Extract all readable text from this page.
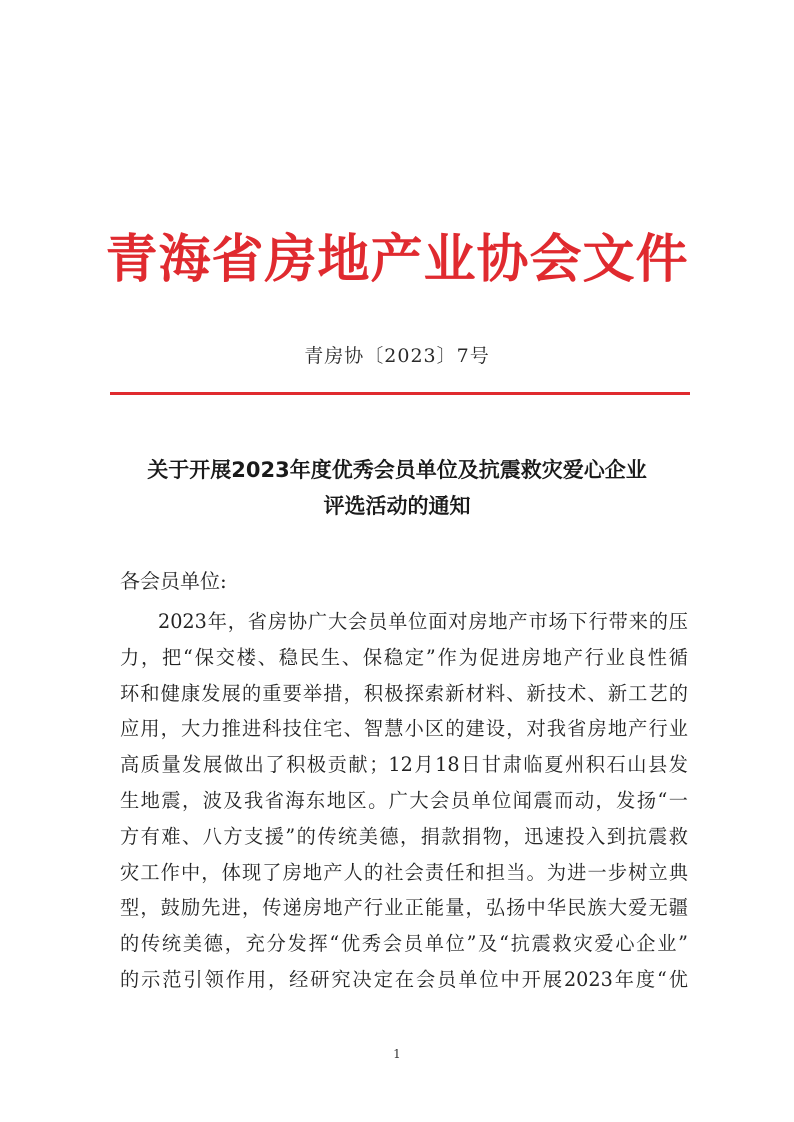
青海省房地产业协会文件
青房协〔2023〕7号
关于开展2023年度优秀会员单位及抗震救灾爱心企业
评选活动的通知
各会员单位:
2023年，省房协广大会员单位面对房地产市场下行带来的压
力，把“保交楼、稳民生、保稳定”作为促进房地产行业良性循
环和健康发展的重要举措，积极探索新材料、新技术、新工艺的
应用，大力推进科技住宅、智慧小区的建设，对我省房地产行业
高质量发展做出了积极贡献；12月18日甘肃临夏州积石山县发
生地震，波及我省海东地区。广大会员单位闻震而动，发扬“一
方有难、八方支援”的传统美德，捐款捐物，迅速投入到抗震救
灾工作中，体现了房地产人的社会责任和担当。为进一步树立典
型，鼓励先进，传递房地产行业正能量，弘扬中华民族大爱无疆
的传统美德，充分发挥“优秀会员单位”及“抗震救灾爱心企业”
的示范引领作用，经研究决定在会员单位中开展2023年度“优
1
